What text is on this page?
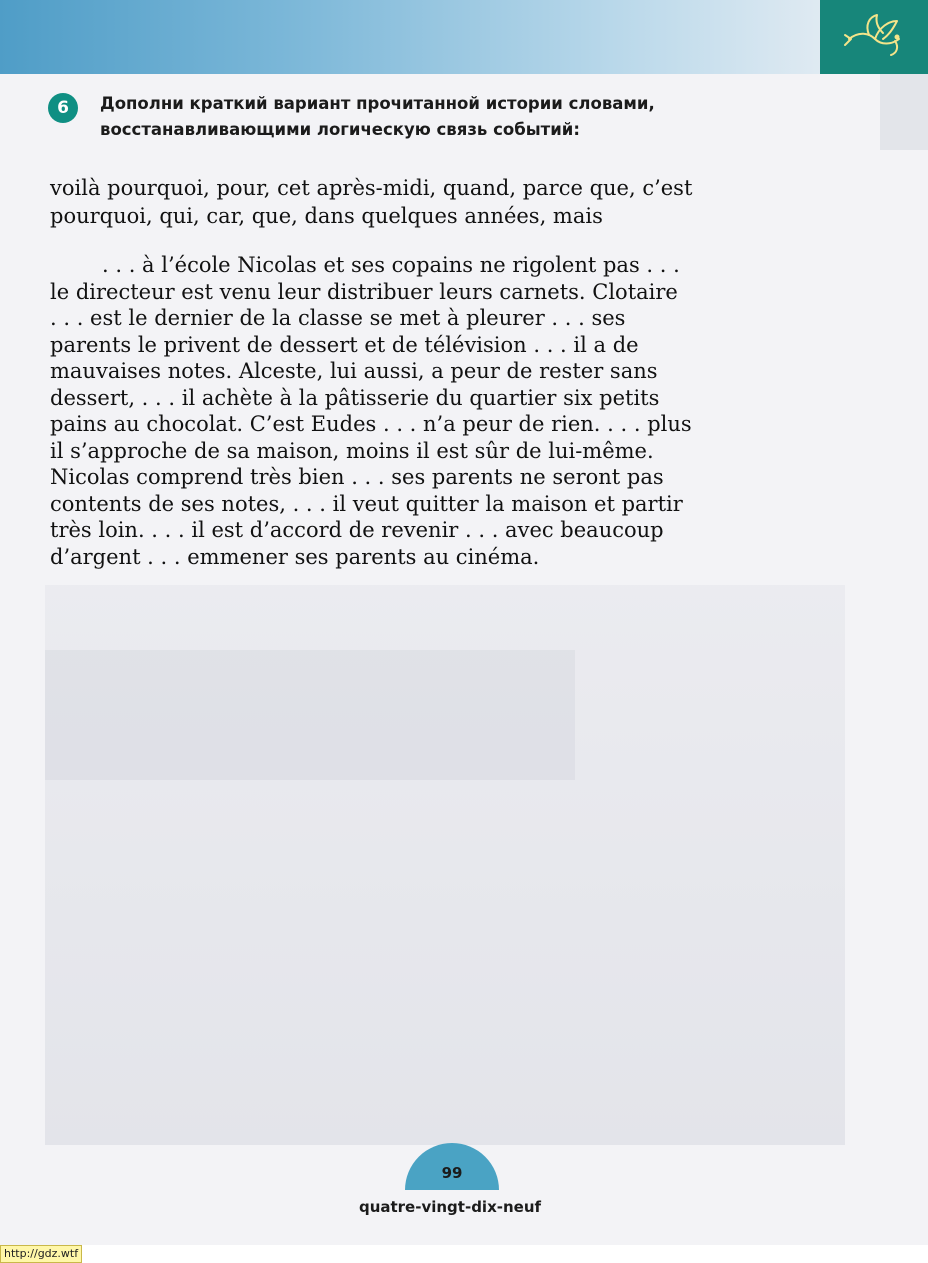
6	Дополни краткий вариант прочитанной истории словами,
восстанавливающими логическую связь событий:

voilà pourquoi, pour, cet après-midi, quand, parce que, c’est
pourquoi, qui, car, que, dans quelques années, mais

. . . à l’école Nicolas et ses copains ne rigolent pas . . .
le directeur est venu leur distribuer leurs carnets. Clotaire
. . . est le dernier de la classe se met à pleurer . . . ses
parents le privent de dessert et de télévision . . . il a de
mauvaises notes. Alceste, lui aussi, a peur de rester sans
dessert, . . . il achète à la pâtisserie du quartier six petits
pains au chocolat. C’est Eudes . . . n’a peur de rien. . . . plus
il s’approche de sa maison, moins il est sûr de lui-même.
Nicolas comprend très bien . . . ses parents ne seront pas
contents de ses notes, . . . il veut quitter la maison et partir
très loin. . . . il est d’accord de revenir . . . avec beaucoup
d’argent . . . emmener ses parents au cinéma.

99
quatre-vingt-dix-neuf
http://gdz.wtf
